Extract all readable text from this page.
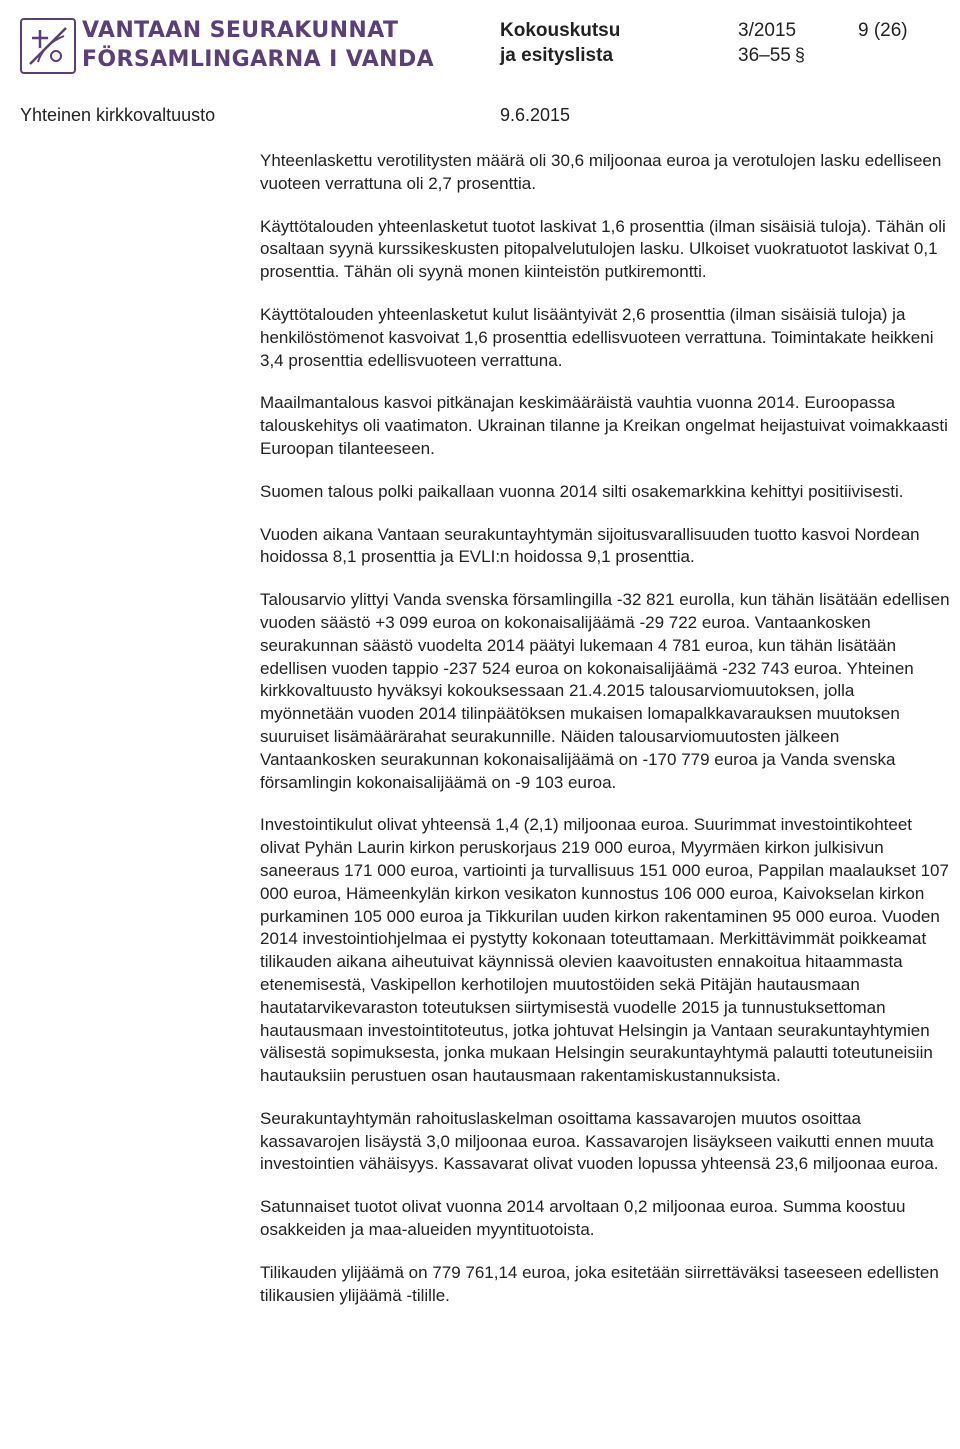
VANTAAN SEURAKUNNAT
FÖRSAMLINGARNA I VANDA
Kokouskutsu
ja esityslista
3/2015	9 (26)
36–55 §
Yhteinen kirkkovaltuusto	9.6.2015

Yhteenlaskettu verotilitysten määrä oli 30,6 miljoonaa euroa ja verotulojen lasku edelliseen vuoteen verrattuna oli 2,7 prosenttia.

Käyttötalouden yhteenlasketut tuotot laskivat 1,6 prosenttia (ilman sisäisiä tuloja). Tähän oli osaltaan syynä kurssikeskusten pitopalvelutulojen lasku. Ulkoiset vuokratuotot laskivat 0,1 prosenttia. Tähän oli syynä monen kiinteistön putkiremontti.

Käyttötalouden yhteenlasketut kulut lisääntyivät 2,6 prosenttia (ilman sisäisiä tuloja) ja henkilöstömenot kasvoivat 1,6 prosenttia edellisvuoteen verrattuna. Toimintakate heikkeni 3,4 prosenttia edellisvuoteen verrattuna.

Maailmantalous kasvoi pitkänajan keskimääräistä vauhtia vuonna 2014. Euroopassa talouskehitys oli vaatimaton. Ukrainan tilanne ja Kreikan ongelmat heijastuivat voimakkaasti Euroopan tilanteeseen.

Suomen talous polki paikallaan vuonna 2014 silti osakemarkkina kehittyi positiivisesti.

Vuoden aikana Vantaan seurakuntayhtymän sijoitusvarallisuuden tuotto kasvoi Nordean hoidossa 8,1 prosenttia ja EVLI:n hoidossa 9,1 prosenttia.

Talousarvio ylittyi Vanda svenska församlingilla -32 821 eurolla, kun tähän lisätään edellisen vuoden säästö +3 099 euroa on kokonaisalijäämä -29 722 euroa. Vantaankosken seurakunnan säästö vuodelta 2014 päätyi lukemaan 4 781 euroa, kun tähän lisätään edellisen vuoden tappio -237 524 euroa on kokonaisalijäämä -232 743 euroa. Yhteinen kirkkovaltuusto hyväksyi kokouksessaan 21.4.2015 talousarviomuutoksen, jolla myönnetään vuoden 2014 tilinpäätöksen mukaisen lomapalkkavarauksen muutoksen suuruiset lisämäärärahat seurakunnille. Näiden talousarviomuutosten jälkeen Vantaankosken seurakunnan kokonaisalijäämä on -170 779 euroa ja Vanda svenska församlingin kokonaisalijäämä on -9 103 euroa.

Investointikulut olivat yhteensä 1,4 (2,1) miljoonaa euroa. Suurimmat investointikohteet olivat Pyhän Laurin kirkon peruskorjaus 219 000 euroa, Myyrmäen kirkon julkisivun saneeraus 171 000 euroa, vartiointi ja turvallisuus 151 000 euroa, Pappilan maalaukset 107 000 euroa, Hämeenkylän kirkon vesikaton kunnostus 106 000 euroa, Kaivokselan kirkon purkaminen 105 000 euroa ja Tikkurilan uuden kirkon rakentaminen 95 000 euroa. Vuoden 2014 investointiohjelmaa ei pystytty kokonaan toteuttamaan. Merkittävimmät poikkeamat tilikauden aikana aiheutuivat käynnissä olevien kaavoitusten ennakoitua hitaammasta etenemisestä, Vaskipellon kerhotilojen muutostöiden sekä Pitäjän hautausmaan hautatarvikevaraston toteutuksen siirtymisestä vuodelle 2015 ja tunnustuksettoman hautausmaan investointitoteutus, jotka johtuvat Helsingin ja Vantaan seurakuntayhtymien välisestä sopimuksesta, jonka mukaan Helsingin seurakuntayhtymä palautti toteutuneisiin hautauksiin perustuen osan hautausmaan rakentamiskustannuksista.

Seurakuntayhtymän rahoituslaskelman osoittama kassavarojen muutos osoittaa kassavarojen lisäystä 3,0 miljoonaa euroa. Kassavarojen lisäykseen vaikutti ennen muuta investointien vähäisyys. Kassavarat olivat vuoden lopussa yhteensä 23,6 miljoonaa euroa.

Satunnaiset tuotot olivat vuonna 2014 arvoltaan 0,2 miljoonaa euroa. Summa koostuu osakkeiden ja maa-alueiden myyntituotoista.

Tilikauden ylijäämä on 779 761,14 euroa, joka esitetään siirrettäväksi taseeseen edellisten tilikausien ylijäämä -tilille.
